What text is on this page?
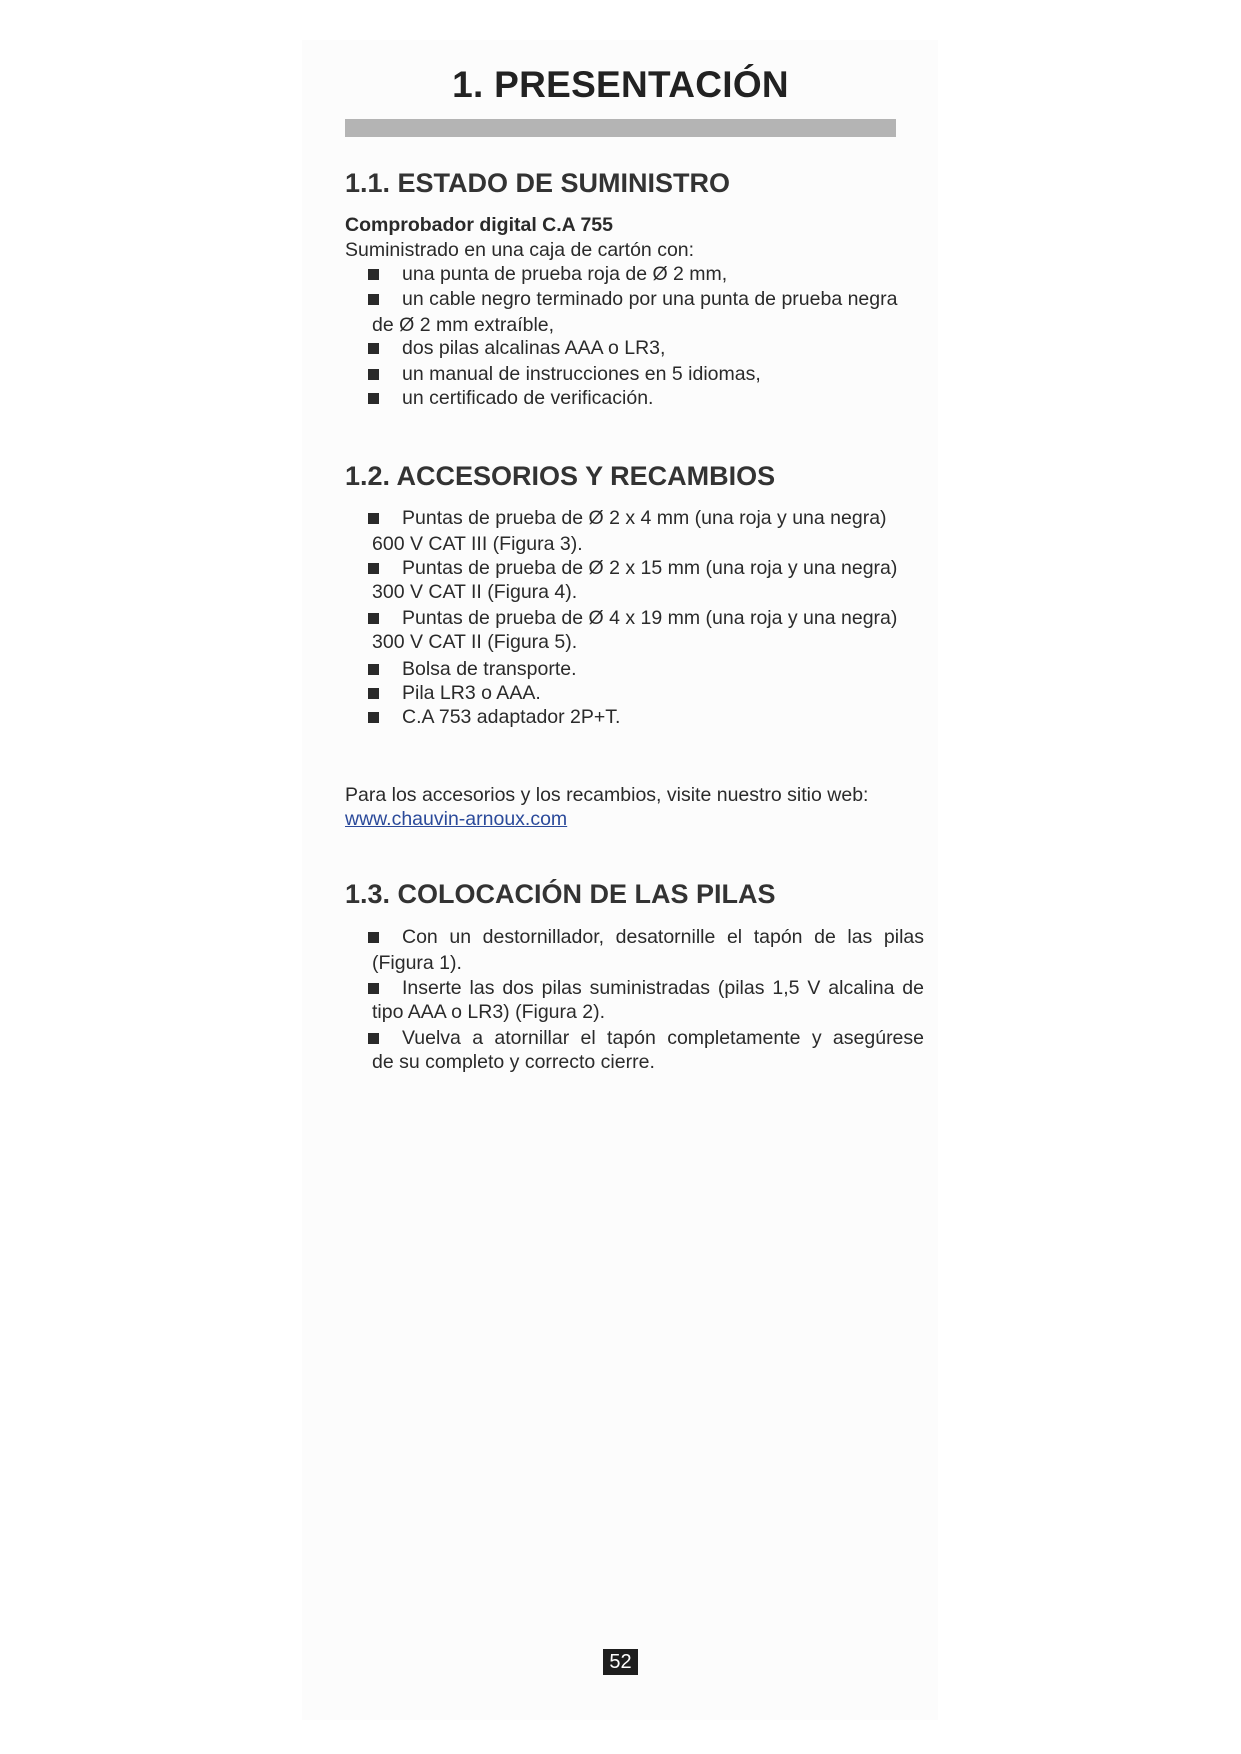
1. PRESENTACIÓN
1.1. ESTADO DE SUMINISTRO
Comprobador digital C.A 755
Suministrado en una caja de cartón con:
una punta de prueba roja de Ø 2 mm,
un cable negro terminado por una punta de prueba negra
de Ø 2 mm extraíble,
dos pilas alcalinas AAA o LR3,
un manual de instrucciones en 5 idiomas,
un certificado de verificación.
1.2. ACCESORIOS Y RECAMBIOS
Puntas de prueba de Ø 2 x 4 mm (una roja y una negra)
600 V CAT III (Figura 3).
Puntas de prueba de Ø 2 x 15 mm (una roja y una negra)
300 V CAT II (Figura 4).
Puntas de prueba de Ø 4 x 19 mm (una roja y una negra)
300 V CAT II (Figura 5).
Bolsa de transporte.
Pila LR3 o AAA.
C.A 753 adaptador 2P+T.
Para los accesorios y los recambios, visite nuestro sitio web:
www.chauvin-arnoux.com
1.3. COLOCACIÓN DE LAS PILAS
Con un destornillador, desatornille el tapón de las pilas
(Figura 1).
Inserte las dos pilas suministradas (pilas 1,5 V alcalina de
tipo AAA o LR3) (Figura 2).
Vuelva a atornillar el tapón completamente y asegúrese
de su completo y correcto cierre.
52
